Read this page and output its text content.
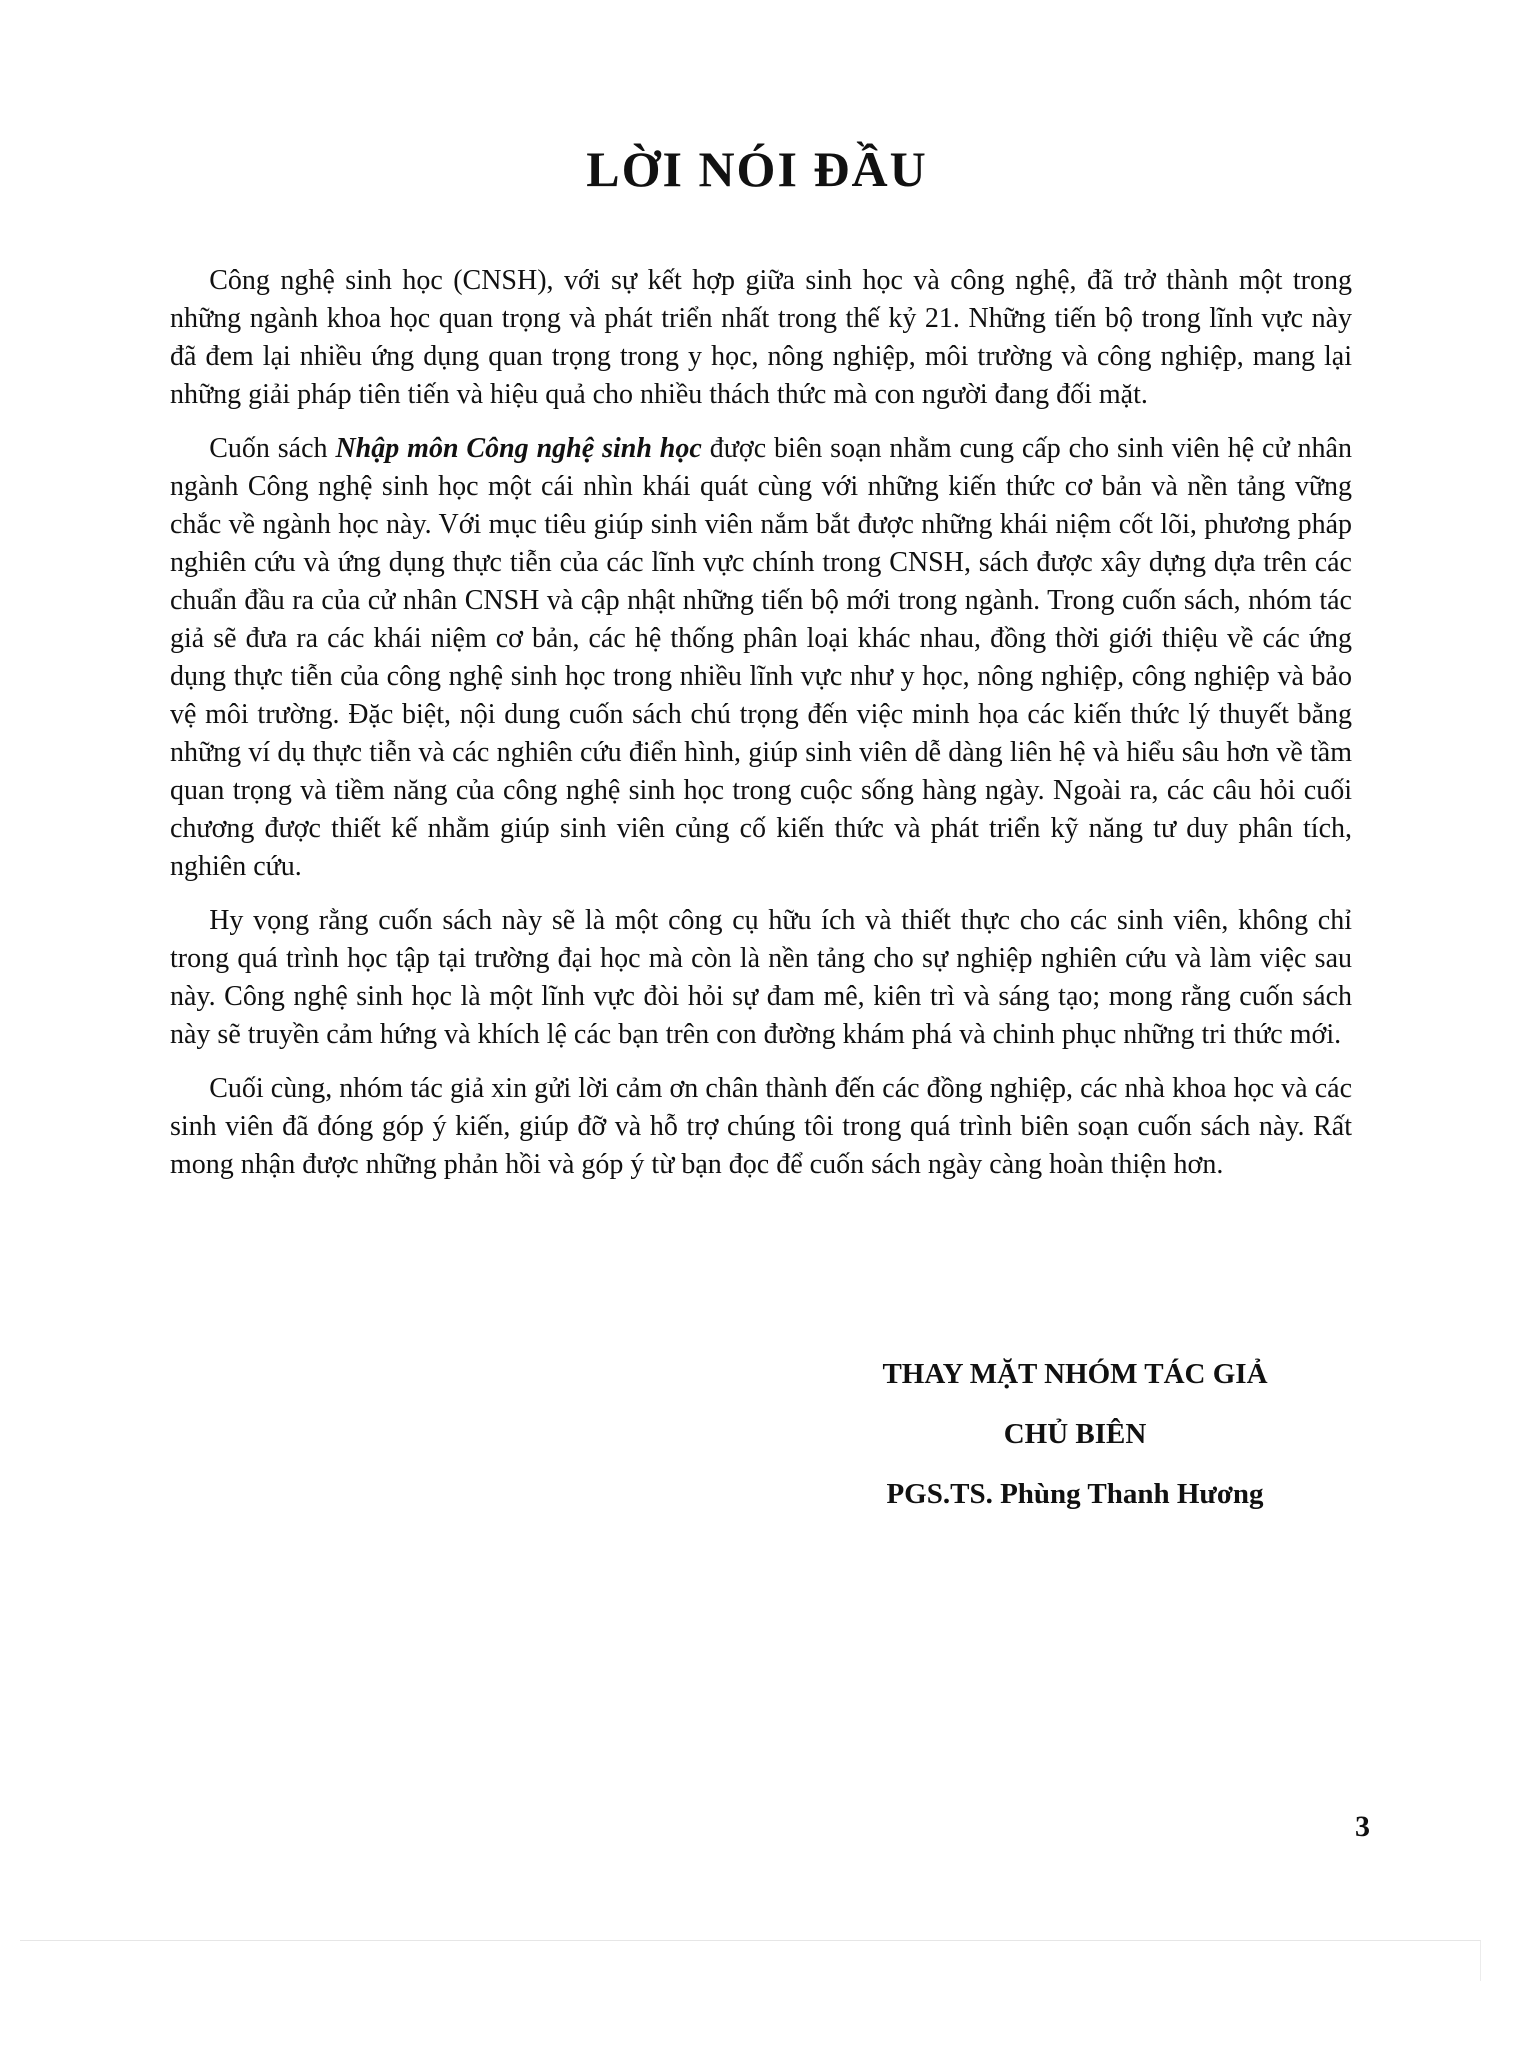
LỜI NÓI ĐẦU

Công nghệ sinh học (CNSH), với sự kết hợp giữa sinh học và công nghệ, đã trở thành một trong những ngành khoa học quan trọng và phát triển nhất trong thế kỷ 21. Những tiến bộ trong lĩnh vực này đã đem lại nhiều ứng dụng quan trọng trong y học, nông nghiệp, môi trường và công nghiệp, mang lại những giải pháp tiên tiến và hiệu quả cho nhiều thách thức mà con người đang đối mặt.

Cuốn sách Nhập môn Công nghệ sinh học được biên soạn nhằm cung cấp cho sinh viên hệ cử nhân ngành Công nghệ sinh học một cái nhìn khái quát cùng với những kiến thức cơ bản và nền tảng vững chắc về ngành học này. Với mục tiêu giúp sinh viên nắm bắt được những khái niệm cốt lõi, phương pháp nghiên cứu và ứng dụng thực tiễn của các lĩnh vực chính trong CNSH, sách được xây dựng dựa trên các chuẩn đầu ra của cử nhân CNSH và cập nhật những tiến bộ mới trong ngành. Trong cuốn sách, nhóm tác giả sẽ đưa ra các khái niệm cơ bản, các hệ thống phân loại khác nhau, đồng thời giới thiệu về các ứng dụng thực tiễn của công nghệ sinh học trong nhiều lĩnh vực như y học, nông nghiệp, công nghiệp và bảo vệ môi trường. Đặc biệt, nội dung cuốn sách chú trọng đến việc minh họa các kiến thức lý thuyết bằng những ví dụ thực tiễn và các nghiên cứu điển hình, giúp sinh viên dễ dàng liên hệ và hiểu sâu hơn về tầm quan trọng và tiềm năng của công nghệ sinh học trong cuộc sống hàng ngày. Ngoài ra, các câu hỏi cuối chương được thiết kế nhằm giúp sinh viên củng cố kiến thức và phát triển kỹ năng tư duy phân tích, nghiên cứu.

Hy vọng rằng cuốn sách này sẽ là một công cụ hữu ích và thiết thực cho các sinh viên, không chỉ trong quá trình học tập tại trường đại học mà còn là nền tảng cho sự nghiệp nghiên cứu và làm việc sau này. Công nghệ sinh học là một lĩnh vực đòi hỏi sự đam mê, kiên trì và sáng tạo; mong rằng cuốn sách này sẽ truyền cảm hứng và khích lệ các bạn trên con đường khám phá và chinh phục những tri thức mới.

Cuối cùng, nhóm tác giả xin gửi lời cảm ơn chân thành đến các đồng nghiệp, các nhà khoa học và các sinh viên đã đóng góp ý kiến, giúp đỡ và hỗ trợ chúng tôi trong quá trình biên soạn cuốn sách này. Rất mong nhận được những phản hồi và góp ý từ bạn đọc để cuốn sách ngày càng hoàn thiện hơn.

THAY MẶT NHÓM TÁC GIẢ
CHỦ BIÊN
PGS.TS. Phùng Thanh Hương
3
